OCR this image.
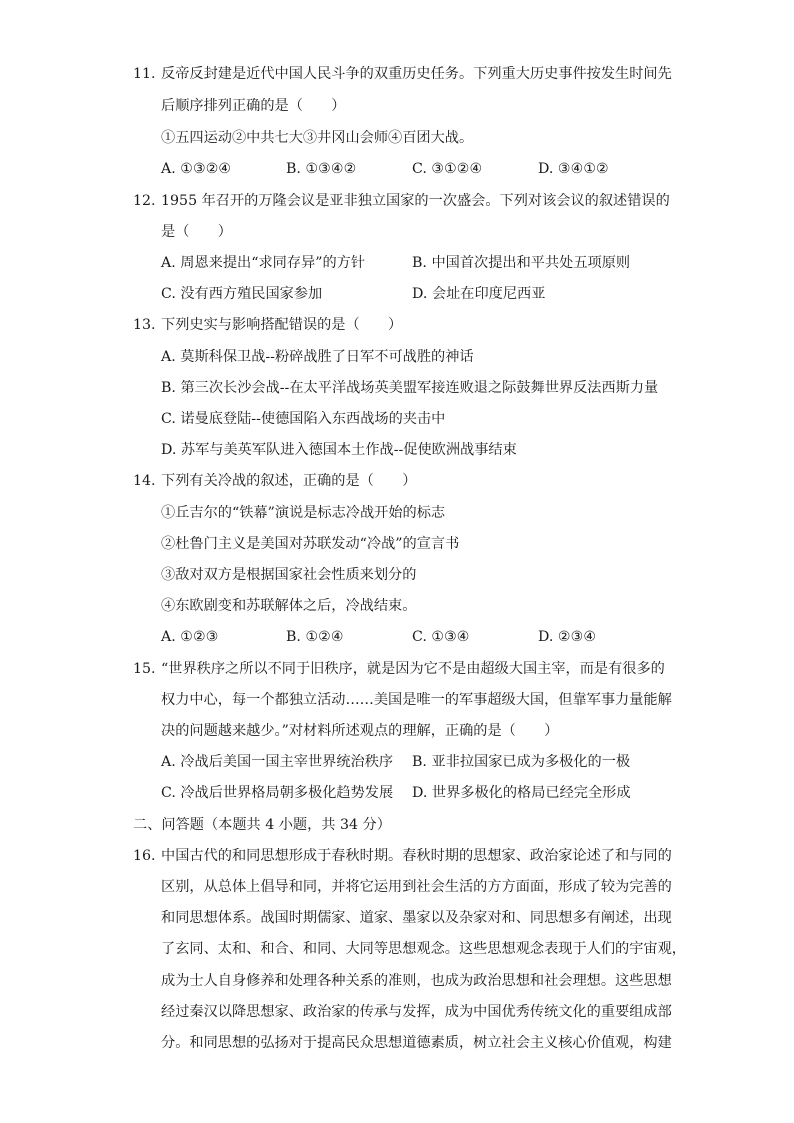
11. 反帝反封建是近代中国人民斗争的双重历史任务。下列重大历史事件按发生时间先
后顺序排列正确的是（　　）
①五四运动②中共七大③井冈山会师④百团大战。
A. ①③②④	B. ①③④②	C. ③①②④	D. ③④①②
12. 1955 年召开的万隆会议是亚非独立国家的一次盛会。下列对该会议的叙述错误的
是（　　）
A. 周恩来提出“求同存异”的方针	B. 中国首次提出和平共处五项原则
C. 没有西方殖民国家参加	D. 会址在印度尼西亚
13. 下列史实与影响搭配错误的是（　　）
A. 莫斯科保卫战--粉碎战胜了日军不可战胜的神话
B. 第三次长沙会战--在太平洋战场英美盟军接连败退之际鼓舞世界反法西斯力量
C. 诺曼底登陆--使德国陷入东西战场的夹击中
D. 苏军与美英军队进入德国本土作战--促使欧洲战事结束
14. 下列有关冷战的叙述，正确的是（　　）
①丘吉尔的“铁幕”演说是标志冷战开始的标志
②杜鲁门主义是美国对苏联发动“冷战”的宣言书
③敌对双方是根据国家社会性质来划分的
④东欧剧变和苏联解体之后，冷战结束。
A. ①②③	B. ①②④	C. ①③④	D. ②③④
15. “世界秩序之所以不同于旧秩序，就是因为它不是由超级大国主宰，而是有很多的
权力中心，每一个都独立活动……美国是唯一的军事超级大国，但靠军事力量能解
决的问题越来越少。”对材料所述观点的理解，正确的是（　　）
A. 冷战后美国一国主宰世界统治秩序 B. 亚非拉国家已成为多极化的一极
C. 冷战后世界格局朝多极化趋势发展 D. 世界多极化的格局已经完全形成
二、问答题（本题共 4 小题，共 34 分）
16. 中国古代的和同思想形成于春秋时期。春秋时期的思想家、政治家论述了和与同的
区别，从总体上倡导和同，并将它运用到社会生活的方方面面，形成了较为完善的
和同思想体系。战国时期儒家、道家、墨家以及杂家对和、同思想多有阐述，出现
了玄同、太和、和合、和同、大同等思想观念。这些思想观念表现于人们的宇宙观，
成为士人自身修养和处理各种关系的准则，也成为政治思想和社会理想。这些思想
经过秦汉以降思想家、政治家的传承与发挥，成为中国优秀传统文化的重要组成部
分。和同思想的弘扬对于提高民众思想道德素质，树立社会主义核心价值观，构建
